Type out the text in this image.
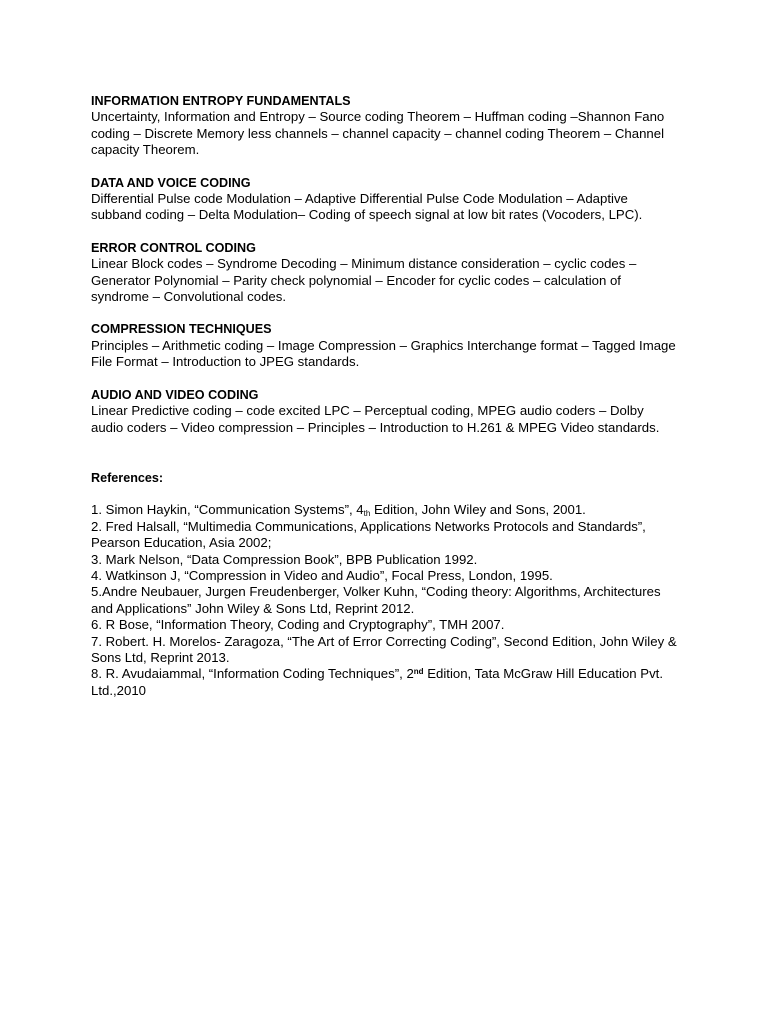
INFORMATION ENTROPY FUNDAMENTALS

Uncertainty, Information and Entropy – Source coding Theorem – Huffman coding –Shannon Fano coding – Discrete Memory less channels – channel capacity – channel coding Theorem – Channel capacity Theorem.

DATA AND VOICE CODING

Differential Pulse code Modulation – Adaptive Differential Pulse Code Modulation – Adaptive subband coding – Delta Modulation– Coding of speech signal at low bit rates (Vocoders, LPC).

ERROR CONTROL CODING

Linear Block codes – Syndrome Decoding – Minimum distance consideration – cyclic codes – Generator Polynomial – Parity check polynomial – Encoder for cyclic codes – calculation of syndrome – Convolutional codes.

COMPRESSION TECHNIQUES

Principles – Arithmetic coding – Image Compression – Graphics Interchange format – Tagged Image File Format – Introduction to JPEG standards.

AUDIO AND VIDEO CODING

Linear Predictive coding – code excited LPC – Perceptual coding, MPEG audio coders – Dolby audio coders – Video compression – Principles – Introduction to H.261 & MPEG Video standards.

References:

1. Simon Haykin, “Communication Systems”, $4_{th}$ Edition, John Wiley and Sons, 2001.
2. Fred Halsall, “Multimedia Communications, Applications Networks Protocols and Standards”, Pearson Education, Asia 2002;
3. Mark Nelson, “Data Compression Book”, BPB Publication 1992.
4. Watkinson J, “Compression in Video and Audio”, Focal Press, London, 1995.
5.Andre Neubauer, Jurgen Freudenberger, Volker Kuhn, “Coding theory: Algorithms, Architectures and Applications” John Wiley & Sons Ltd, Reprint 2012.
6. R Bose, “Information Theory, Coding and Cryptography”, TMH 2007.
7. Robert. H. Morelos- Zaragoza, “The Art of Error Correcting Coding”, Second Edition, John Wiley & Sons Ltd, Reprint 2013.
8. R. Avudaiammal, “Information Coding Techniques”, 2nd Edition, Tata McGraw Hill Education Pvt. Ltd.,2010
